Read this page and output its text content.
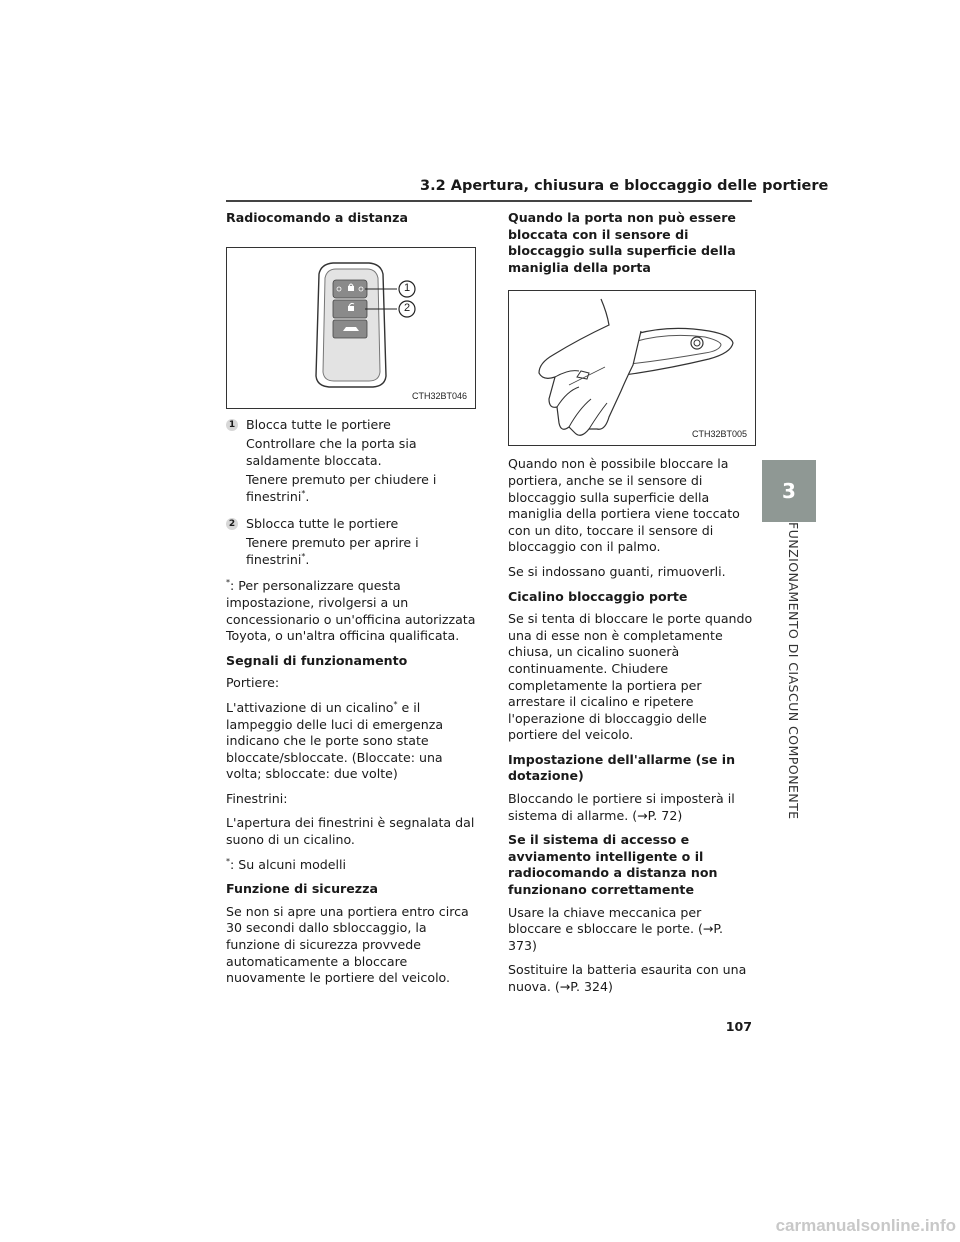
3.2 Apertura, chiusura e bloccaggio delle portiere

Radiocomando a distanza

1
2
CTH32BT046
1 Blocca tutte le portiere
Controllare che la porta sia saldamente bloccata.
Tenere premuto per chiudere i finestrini*.
2 Sblocca tutte le portiere
Tenere premuto per aprire i finestrini*.

*: Per personalizzare questa impostazione, rivolgersi a un concessionario o un'officina autorizzata Toyota, o un'altra officina qualificata.

Segnali di funzionamento

Portiere:

L'attivazione di un cicalino* e il lampeggio delle luci di emergenza indicano che le porte sono state bloccate/sbloccate. (Bloccate: una volta; sbloccate: due volte)

Finestrini:

L'apertura dei finestrini è segnalata dal suono di un cicalino.

*: Su alcuni modelli

Funzione di sicurezza

Se non si apre una portiera entro circa 30 secondi dallo sbloccaggio, la funzione di sicurezza provvede automaticamente a bloccare nuovamente le portiere del veicolo.

Quando la porta non può essere bloccata con il sensore di bloccaggio sulla superficie della maniglia della porta

CTH32BT005

Quando non è possibile bloccare la portiera, anche se il sensore di bloccaggio sulla superficie della maniglia della portiera viene toccato con un dito, toccare il sensore di bloccaggio con il palmo.

Se si indossano guanti, rimuoverli.

Cicalino bloccaggio porte

Se si tenta di bloccare le porte quando una di esse non è completamente chiusa, un cicalino suonerà continuamente. Chiudere completamente la portiera per arrestare il cicalino e ripetere l'operazione di bloccaggio delle portiere del veicolo.

Impostazione dell'allarme (se in dotazione)

Bloccando le portiere si imposterà il sistema di allarme. (→P. 72)

Se il sistema di accesso e avviamento intelligente o il radiocomando a distanza non funzionano correttamente

Usare la chiave meccanica per bloccare e sbloccare le porte. (→P. 373)

Sostituire la batteria esaurita con una nuova. (→P. 324)

3
FUNZIONAMENTO DI CIASCUN COMPONENTE
107
carmanualsonline.info
